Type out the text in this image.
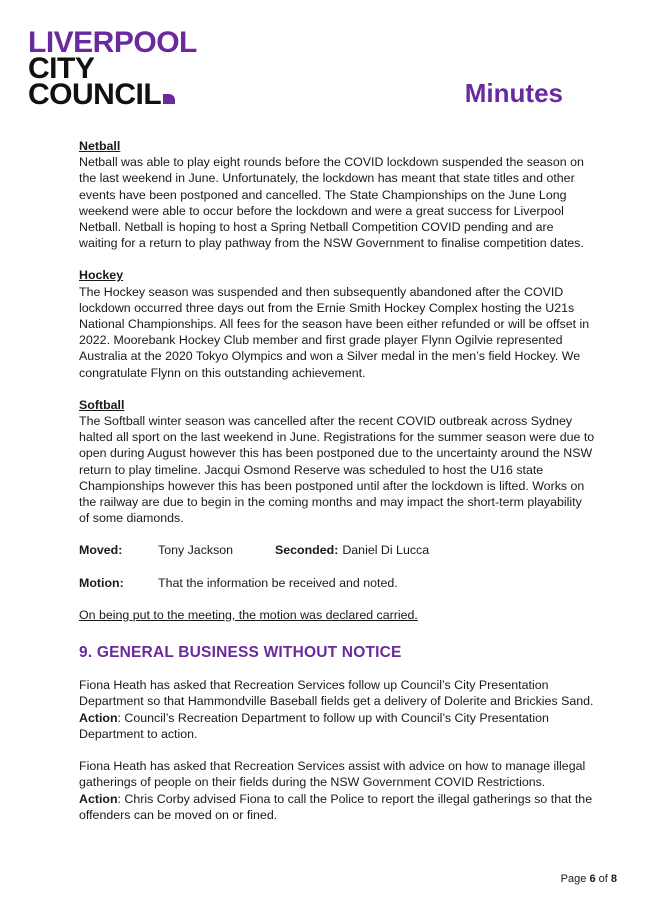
LIVERPOOL
CITY
COUNCIL	Minutes
Netball

Netball was able to play eight rounds before the COVID lockdown suspended the season on the last weekend in June. Unfortunately, the lockdown has meant that state titles and other events have been postponed and cancelled. The State Championships on the June Long weekend were able to occur before the lockdown and were a great success for Liverpool Netball. Netball is hoping to host a Spring Netball Competition COVID pending and are waiting for a return to play pathway from the NSW Government to finalise competition dates.

Hockey

The Hockey season was suspended and then subsequently abandoned after the COVID lockdown occurred three days out from the Ernie Smith Hockey Complex hosting the U21s National Championships. All fees for the season have been either refunded or will be offset in 2022. Moorebank Hockey Club member and first grade player Flynn Ogilvie represented Australia at the 2020 Tokyo Olympics and won a Silver medal in the men’s field Hockey. We congratulate Flynn on this outstanding achievement.

Softball

The Softball winter season was cancelled after the recent COVID outbreak across Sydney halted all sport on the last weekend in June. Registrations for the summer season were due to open during August however this has been postponed due to the uncertainty around the NSW return to play timeline. Jacqui Osmond Reserve was scheduled to host the U16 state Championships however this has been postponed until after the lockdown is lifted. Works on the railway are due to begin in the coming months and may impact the short-term playability of some diamonds.

Moved:	Tony Jackson	Seconded: Daniel Di Lucca
Motion:	That the information be received and noted.

On being put to the meeting, the motion was declared carried.

9. GENERAL BUSINESS WITHOUT NOTICE

Fiona Heath has asked that Recreation Services follow up Council’s City Presentation Department so that Hammondville Baseball fields get a delivery of Dolerite and Brickies Sand.

Action: Council’s Recreation Department to follow up with Council’s City Presentation Department to action.

Fiona Heath has asked that Recreation Services assist with advice on how to manage illegal gatherings of people on their fields during the NSW Government COVID Restrictions.

Action: Chris Corby advised Fiona to call the Police to report the illegal gatherings so that the offenders can be moved on or fined.

Page 6 of 8
